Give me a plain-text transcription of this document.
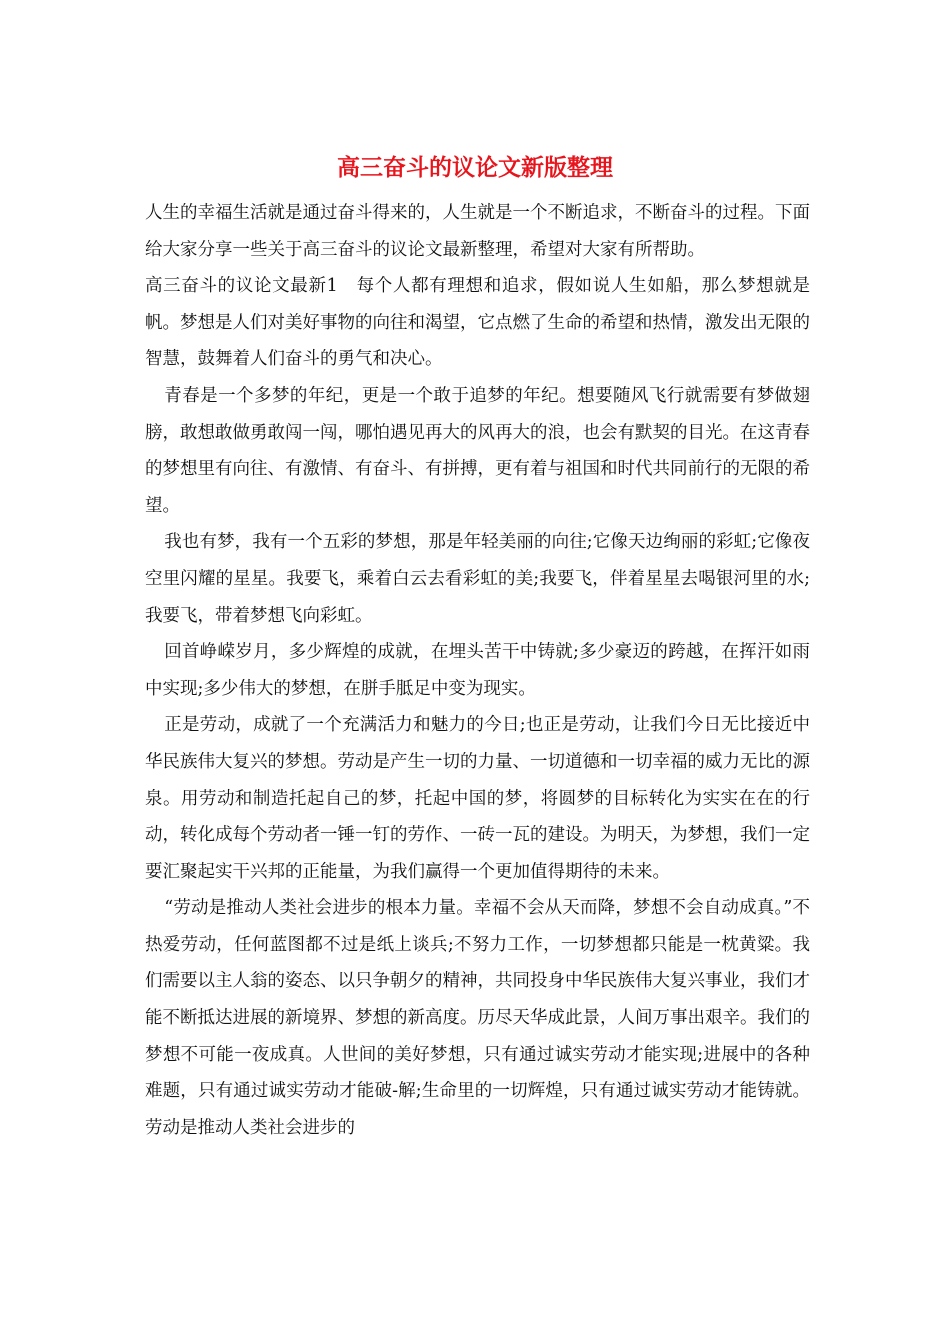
高三奋斗的议论文新版整理

人生的幸福生活就是通过奋斗得来的，人生就是一个不断追求，不断奋斗的过程。下面给大家分享一些关于高三奋斗的议论文最新整理，希望对大家有所帮助。

高三奋斗的议论文最新1　每个人都有理想和追求，假如说人生如船，那么梦想就是帆。梦想是人们对美好事物的向往和渴望，它点燃了生命的希望和热情，激发出无限的智慧，鼓舞着人们奋斗的勇气和决心。

青春是一个多梦的年纪，更是一个敢于追梦的年纪。想要随风飞行就需要有梦做翅膀，敢想敢做勇敢闯一闯，哪怕遇见再大的风再大的浪，也会有默契的目光。在这青春的梦想里有向往、有激情、有奋斗、有拼搏，更有着与祖国和时代共同前行的无限的希望。

我也有梦，我有一个五彩的梦想，那是年轻美丽的向往;它像天边绚丽的彩虹;它像夜空里闪耀的星星。我要飞，乘着白云去看彩虹的美;我要飞，伴着星星去喝银河里的水;我要飞，带着梦想飞向彩虹。

回首峥嵘岁月，多少辉煌的成就，在埋头苦干中铸就;多少豪迈的跨越，在挥汗如雨中实现;多少伟大的梦想，在胼手胝足中变为现实。

正是劳动，成就了一个充满活力和魅力的今日;也正是劳动，让我们今日无比接近中华民族伟大复兴的梦想。劳动是产生一切的力量、一切道德和一切幸福的威力无比的源泉。用劳动和制造托起自己的梦，托起中国的梦，将圆梦的目标转化为实实在在的行动，转化成每个劳动者一锤一钉的劳作、一砖一瓦的建设。为明天，为梦想，我们一定要汇聚起实干兴邦的正能量，为我们赢得一个更加值得期待的未来。

“劳动是推动人类社会进步的根本力量。幸福不会从天而降，梦想不会自动成真。”不热爱劳动，任何蓝图都不过是纸上谈兵;不努力工作，一切梦想都只能是一枕黄粱。我们需要以主人翁的姿态、以只争朝夕的精神，共同投身中华民族伟大复兴事业，我们才能不断抵达进展的新境界、梦想的新高度。历尽天华成此景，人间万事出艰辛。我们的梦想不可能一夜成真。人世间的美好梦想，只有通过诚实劳动才能实现;进展中的各种难题，只有通过诚实劳动才能破-解;生命里的一切辉煌，只有通过诚实劳动才能铸就。劳动是推动人类社会进步的
